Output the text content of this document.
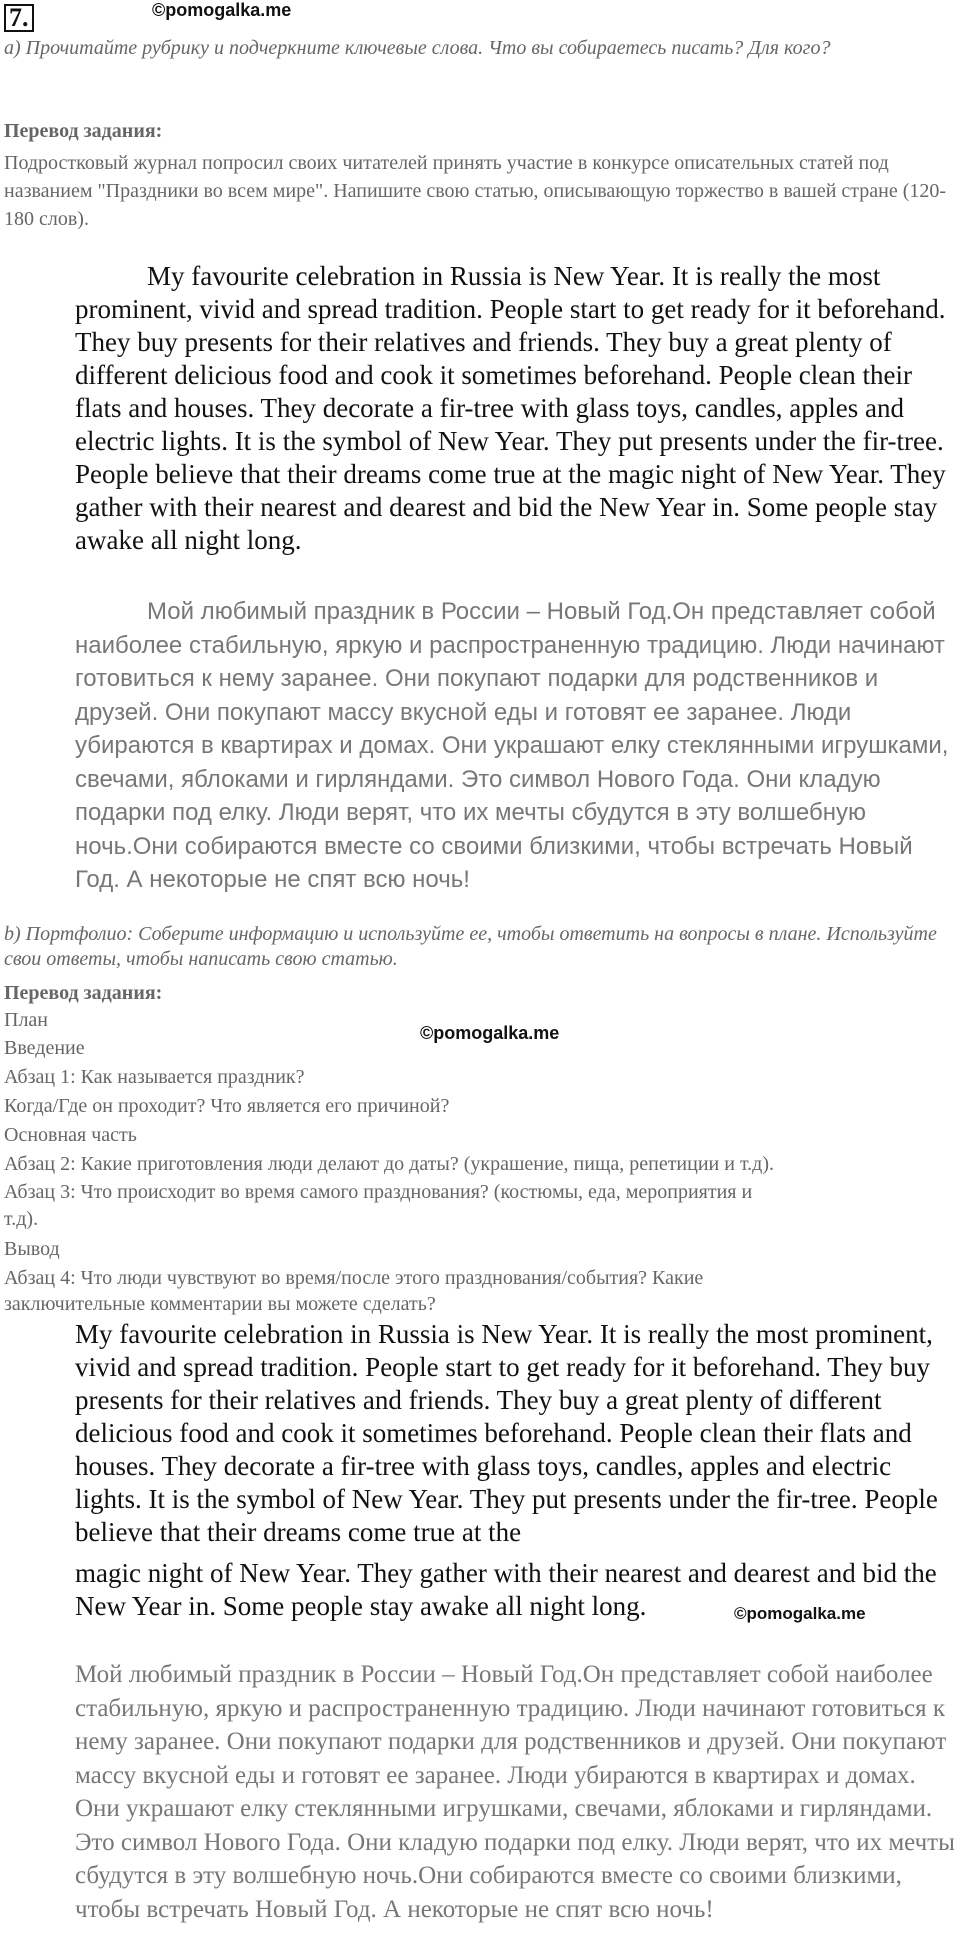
7.	©pomogalka.me
а) Прочитайте рубрику и подчеркните ключевые слова. Что вы собираетесь писать? Для кого?
Перевод задания:
Подростковый журнал попросил своих читателей принять участие в конкурсе описательных статей под названием "Праздники во всем мире". Напишите свою статью, описывающую торжество в вашей стране (120-180 слов).
My favourite celebration in Russia is New Year. It is really the most prominent, vivid and spread tradition. People start to get ready for it beforehand. They buy presents for their relatives and friends. They buy a great plenty of different delicious food and cook it sometimes beforehand. People clean their flats and houses. They decorate a fir-tree with glass toys, candles, apples and electric lights. It is the symbol of New Year. They put presents under the fir-tree. People believe that their dreams come true at the magic night of New Year. They gather with their nearest and dearest and bid the New Year in. Some people stay awake all night long.
Мой любимый праздник в России – Новый Год.Он представляет собой наиболее стабильную, яркую и распространенную традицию. Люди начинают готовиться к нему заранее. Они покупают подарки для родственников и друзей. Они покупают массу вкусной еды и готовят ее заранее. Люди убираются в квартирах и домах. Они украшают елку стеклянными игрушками, свечами, яблоками и гирляндами. Это символ Нового Года. Они кладую подарки под елку. Люди верят, что их мечты сбудутся в эту волшебную ночь.Они собираются вместе со своими близкими, чтобы встречать Новый Год. А некоторые не спят всю ночь!
b) Портфолио: Соберите информацию и используйте ее, чтобы ответить на вопросы в плане. Используйте свои ответы, чтобы написать свою статью.
Перевод задания:
План
©pomogalka.me
Введение
Абзац 1: Как называется праздник?
Когда/Где он проходит? Что является его причиной?
Основная часть
Абзац 2: Какие приготовления люди делают до даты? (украшение, пища, репетиции и т.д).
Абзац 3: Что происходит во время самого празднования? (костюмы, еда, мероприятия и
т.д).
Вывод
Абзац 4: Что люди чувствуют во время/после этого празднования/события? Какие
заключительные комментарии вы можете сделать?
My favourite celebration in Russia is New Year. It is really the most prominent, vivid and spread tradition. People start to get ready for it beforehand. They buy presents for their relatives and friends. They buy a great plenty of different delicious food and cook it sometimes beforehand. People clean their flats and houses. They decorate a fir-tree with glass toys, candles, apples and electric lights. It is the symbol of New Year. They put presents under the fir-tree. People believe that their dreams come true at the
magic night of New Year. They gather with their nearest and dearest and bid the New Year in. Some people stay awake all night long.	©pomogalka.me
Мой любимый праздник в России – Новый Год.Он представляет собой наиболее стабильную, яркую и распространенную традицию. Люди начинают готовиться к нему заранее. Они покупают подарки для родственников и друзей. Они покупают массу вкусной еды и готовят ее заранее. Люди убираются в квартирах и домах. Они украшают елку стеклянными игрушками, свечами, яблоками и гирляндами. Это символ Нового Года. Они кладую подарки под елку. Люди верят, что их мечты сбудутся в эту волшебную ночь.Они собираются вместе со своими близкими, чтобы встречать Новый Год. А некоторые не спят всю ночь!
